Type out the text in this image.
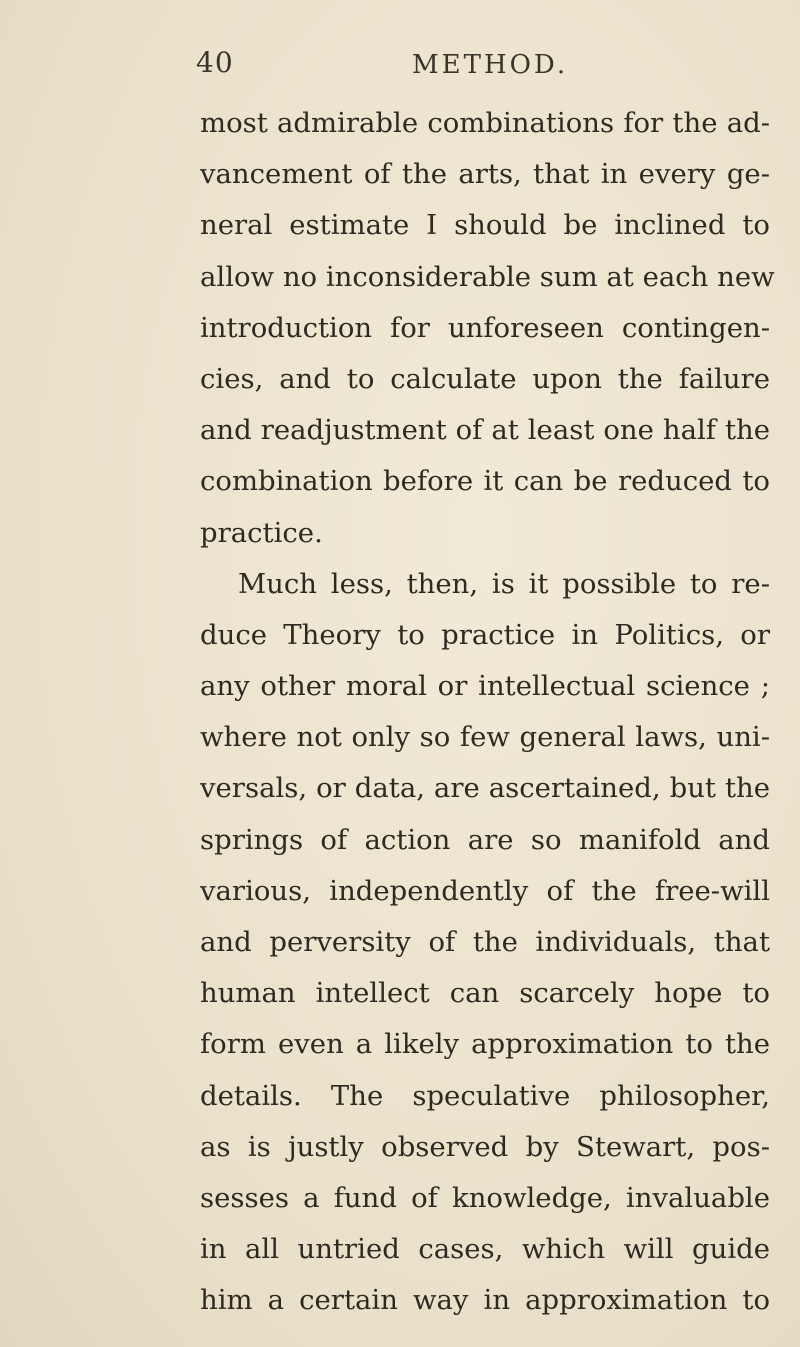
40	METHOD.
most admirable combinations for the ad-
vancement of the arts, that in every ge-
neral estimate I should be inclined to
allow no inconsiderable sum at each new
introduction for unforeseen contingen-
cies, and to calculate upon the failure
and readjustment of at least one half the
combination before it can be reduced to
practice.
Much less, then, is it possible to re-
duce Theory to practice in Politics, or
any other moral or intellectual science ;
where not only so few general laws, uni-
versals, or data, are ascertained, but the
springs of action are so manifold and
various, independently of the free-will
and perversity of the individuals, that
human intellect can scarcely hope to
form even a likely approximation to the
details. The speculative philosopher,
as is justly observed by Stewart, pos-
sesses a fund of knowledge, invaluable
in all untried cases, which will guide
him a certain way in approximation to
